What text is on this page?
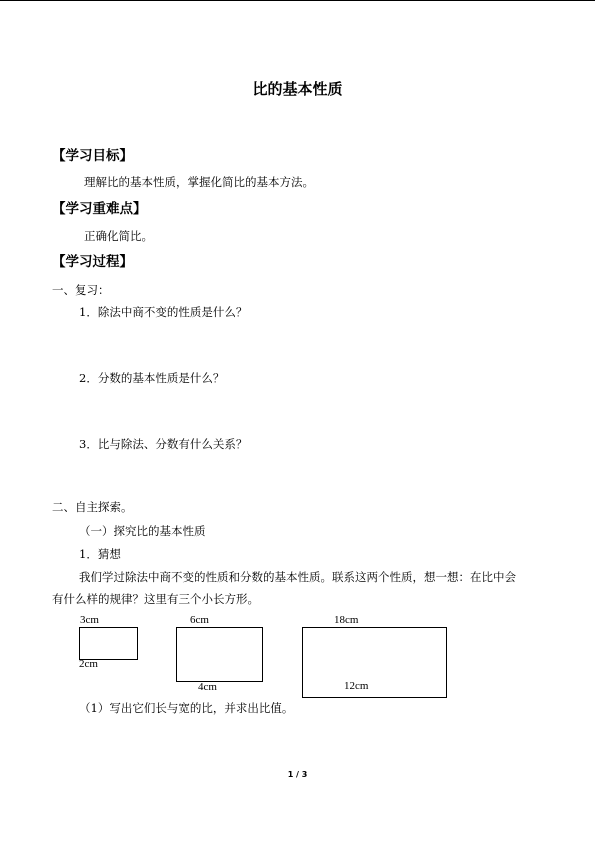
比的基本性质
【学习目标】
理解比的基本性质，掌握化简比的基本方法。
【学习重难点】
正确化简比。
【学习过程】
一、复习：
1．除法中商不变的性质是什么？
2．分数的基本性质是什么？
3．比与除法、分数有什么关系？
二、自主探索。
（一）探究比的基本性质
1．猜想
我们学过除法中商不变的性质和分数的基本性质。联系这两个性质，想一想：在比中会
有什么样的规律？这里有三个小长方形。
3cm
2cm
6cm
4cm
18cm
12cm
（1）写出它们长与宽的比，并求出比值。
1 / 3
